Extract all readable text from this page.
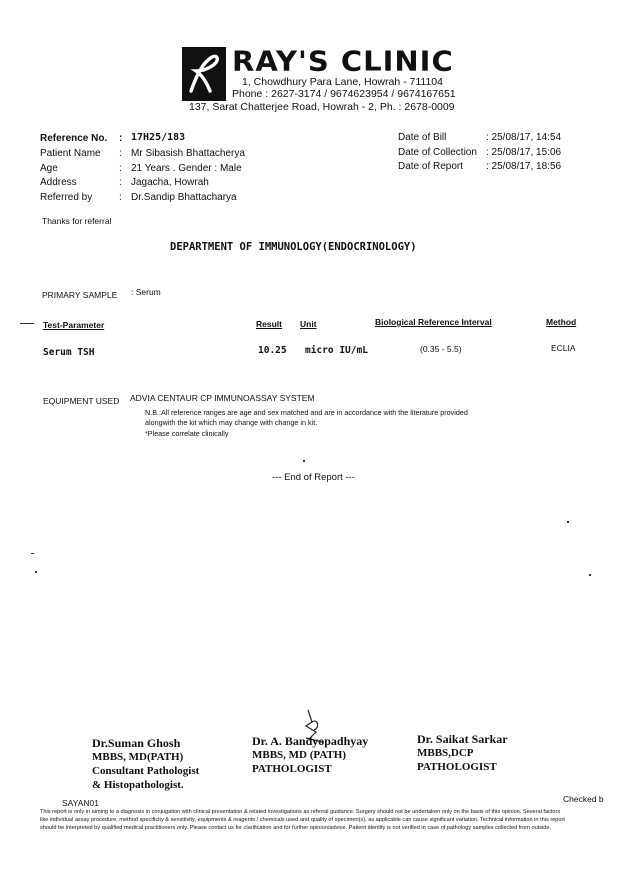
RAY'S CLINIC
1, Chowdhury Para Lane, Howrah - 711104
Phone : 2627-3174 / 9674623954 / 9674167651
137, Sarat Chatterjee Road, Howrah - 2, Ph. : 2678-0009
Reference No. : 17H25/183
Patient Name : Mr Sibasish Bhattacherya
Age	: 21 Years . Gender : Male
Address	: Jagacha, Howrah
Referred by	: Dr.Sandip Bhattacharya
Date of Bill	: 25/08/17, 14:54
Date of Collection : 25/08/17, 15:06
Date of Report : 25/08/17, 18:56
Thanks for referral
DEPARTMENT OF IMMUNOLOGY(ENDOCRINOLOGY)
PRIMARY SAMPLE : Serum
Test-Parameter	Result Unit	Biological Reference Interval	Method
Serum TSH	10.25 micro IU/mL	(0.35 - 5.5)	ECLIA
EQUIPMENT USED ADVIA CENTAUR CP IMMUNOASSAY SYSTEM
N.B.:All reference ranges are age and sex matched and are in accordance with the literature provided
alongwith the kit which may change with change in kit.
*Please correlate clinically
--- End of Report ---
Dr.Suman Ghosh
MBBS, MD(PATH)
Consultant Pathologist
& Histopathologist.
Dr. A. Bandyopadhyay
MBBS, MD (PATH)
PATHOLOGIST
Dr. Saikat Sarkar
MBBS,DCP
PATHOLOGIST
SAYAN01	Checked b
This report is only in aiming to a diagnosis in conjugation with clinical presentation & related investigations as referral guidance. Surgery should not be undertaken only on the basis of this opinion. Several factors
like individual assay procedure, method specificity & sensitivity, equipments & reagents / chemicals used and quality of specimen(s), as applicable can cause significant variation. Technical information in this report
should be interpreted by qualified medical practitioners only. Please contact us for clarification and for further opinion/advice. Patient identity is not verified in case of pathology samples collected from outside.
